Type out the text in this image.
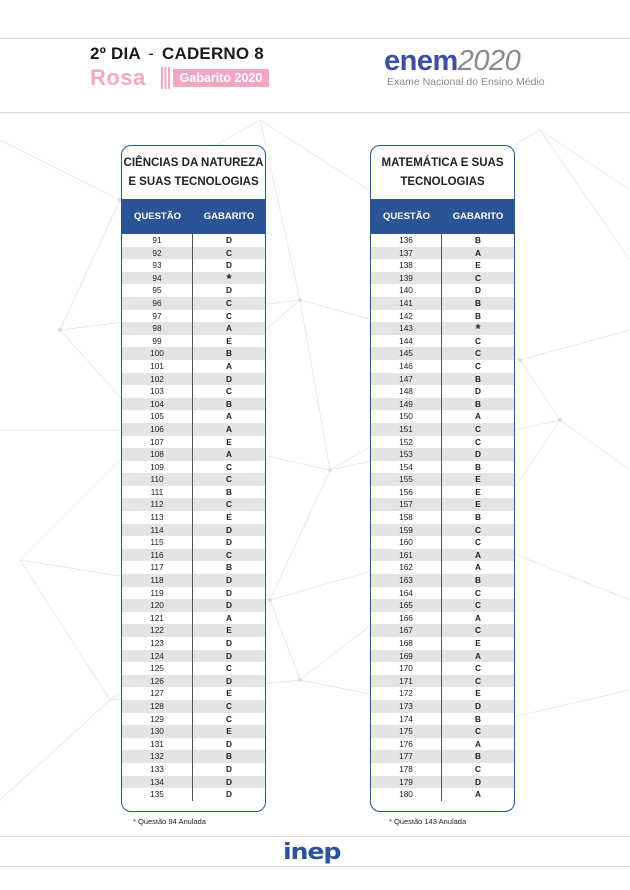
2º DIA - CADERNO 8
Rosa	Gabarito 2020
enem2020
Exame Nacional do Ensino Médio
CIÊNCIAS DA NATUREZA
E SUAS TECNOLOGIAS
QUESTÃO	GABARITO
91	D
92	C
93	D
94	*
95	D
96	C
97	C
98	A
99	E
100	B
101	A
102	D
103	C
104	B
105	A
106	A
107	E
108	A
109	C
110	C
111	B
112	C
113	E
114	D
115	D
116	C
117	B
118	D
119	D
120	D
121	A
122	E
123	D
124	D
125	C
126	D
127	E
128	C
129	C
130	E
131	D
132	B
133	D
134	D
135	D
* Questão 94 Anulada
MATEMÁTICA E SUAS
TECNOLOGIAS
QUESTÃO	GABARITO
136	B
137	A
138	E
139	C
140	D
141	B
142	B
143	*
144	C
145	C
146	C
147	B
148	D
149	B
150	A
151	C
152	C
153	D
154	B
155	E
156	E
157	E
158	B
159	C
160	C
161	A
162	A
163	B
164	C
165	C
166	A
167	C
168	E
169	A
170	C
171	C
172	E
173	D
174	B
175	C
176	A
177	B
178	C
179	D
180	A
* Questão 143 Anulada
inep
